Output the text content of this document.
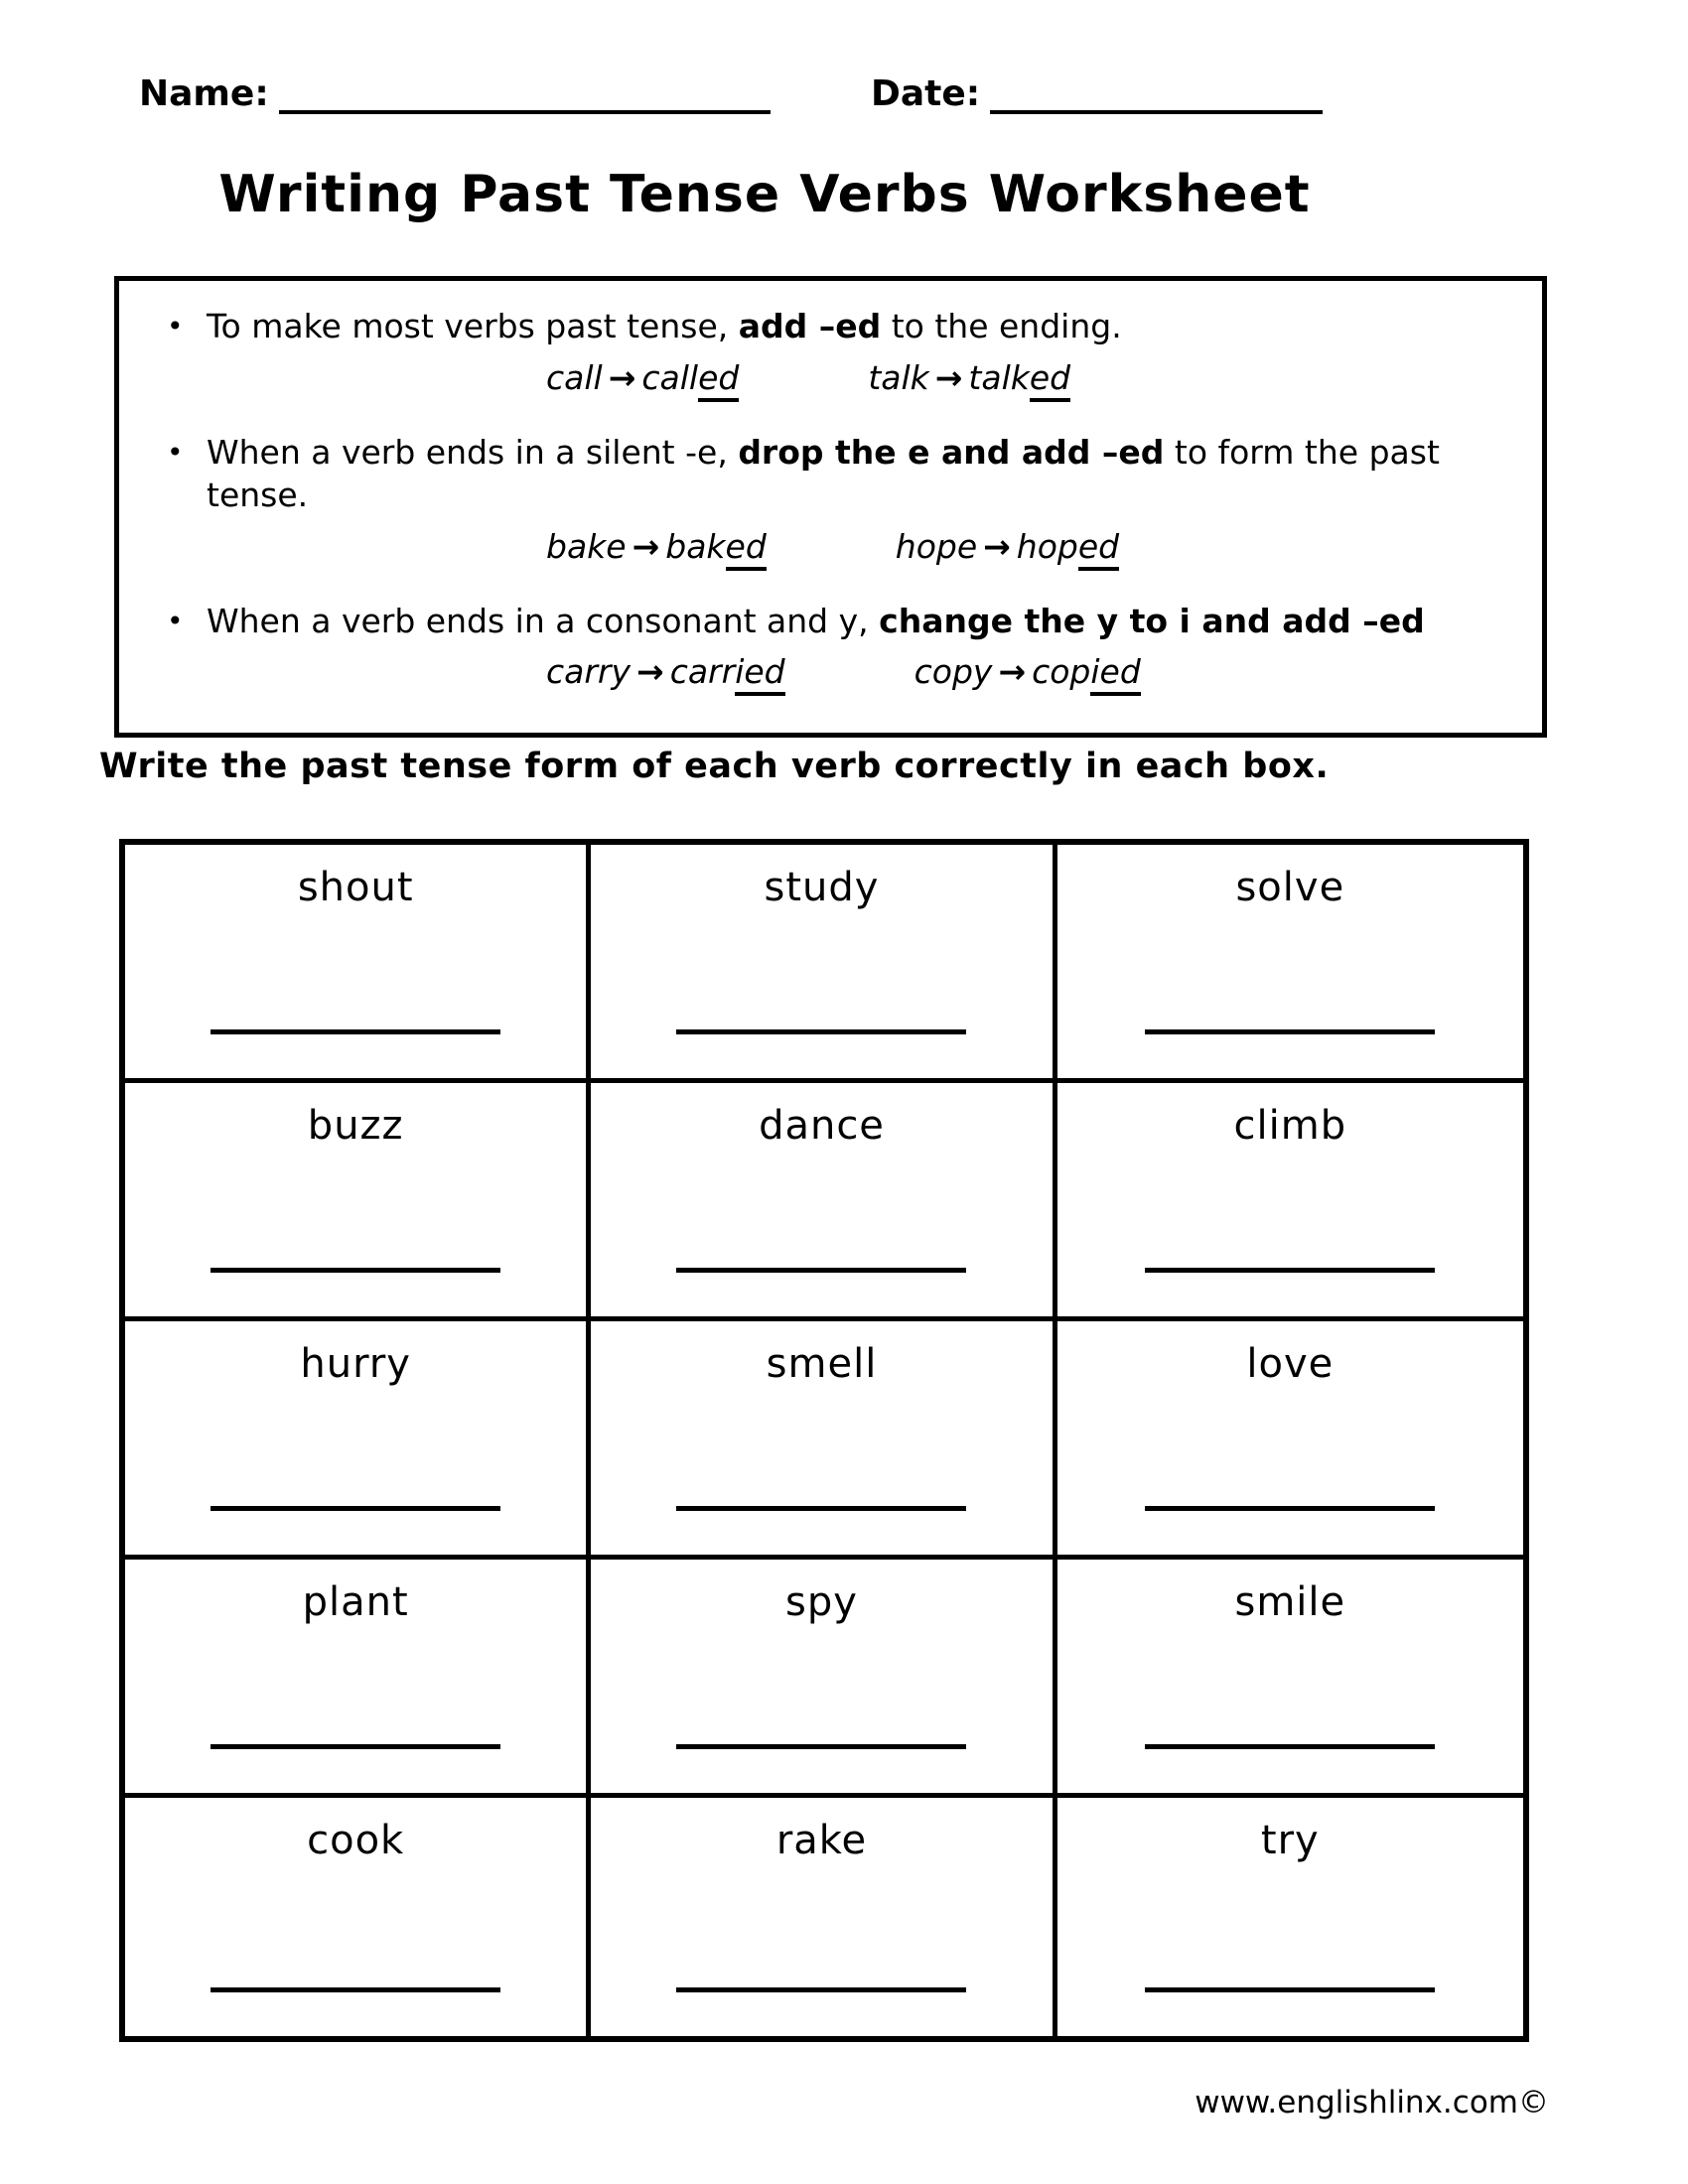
Name:	Date:
Writing Past Tense Verbs Worksheet
• To make most verbs past tense, add –ed to the ending.
call → called	talk → talked
• When a verb ends in a silent -e, drop the e and add –ed to form the past tense.
bake → baked	hope → hoped
• When a verb ends in a consonant and y, change the y to i and add –ed
carry → carried	copy → copied
Write the past tense form of each verb correctly in each box.
shout	study	solve
buzz	dance	climb
hurry	smell	love
plant	spy	smile
cook	rake	try
www.englishlinx.com©
